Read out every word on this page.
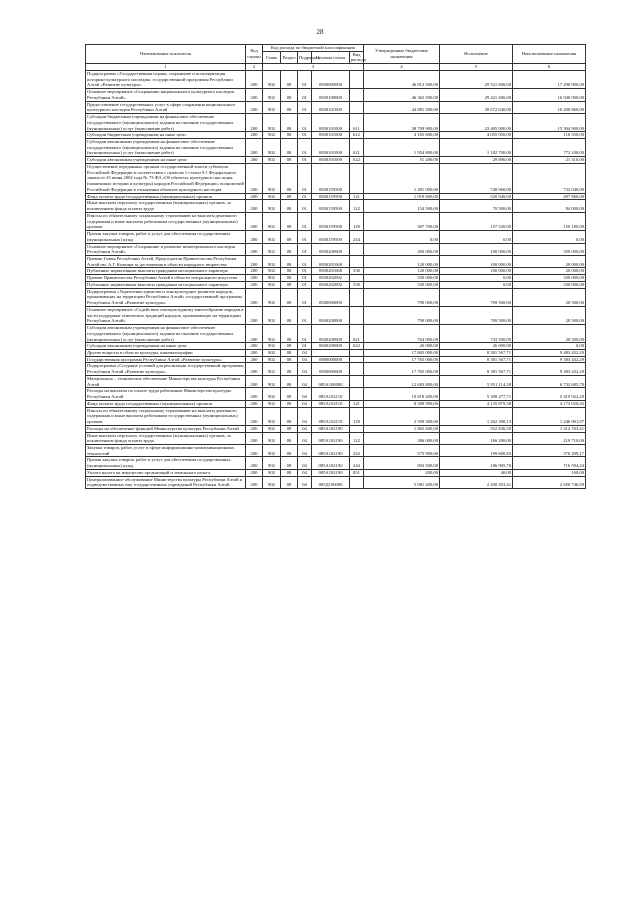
28
Наименование показателя	Код строки	Код расхода по бюджетной классификации					Утвержденные бюджетные назначения	Исполнение	Неисполненные назначения
		Глава	Раздел	Подраздел	Целевая статья	Вид расхода			
1	2	3					4	5	6
Подпрограмма «Государственная охрана, сохранение и популяризация историко-культурного наследия» государственной программы Республики Алтай «Развитие культуры»	200	902	08	01	0830000000		46 812 500,00	29 521 600,00	17 290 900,00
Основное мероприятие «Сохранение национального культурного наследия Республики Алтай»	200	902	08	01	0830100000		46 362 500,00	29 421 600,00	16 940 900,00
Предоставление государственных услуг в сфере сохранения национального культурного наследия Республики Алтай	200	902	08	01	0830101000		44 881 500,00	28 672 640,00	16 208 860,00
Субсидии бюджетным учреждениям на финансовое обеспечение государственного (муниципального) задания на оказание государственных (муниципальных) услуг (выполнение работ)	200	902	08	01	0830101000	611	38 709 900,00	23 405 000,00	15 304 900,00
Субсидии бюджетным учреждениям на иные цели	200	902	08	01	0830101000	612	4 165 600,00	4 055 050,00	110 550,00
Субсидии автономным учреждениям на финансовое обеспечение государственного (муниципального) задания на оказание государственных (муниципальных) услуг (выполнение работ)	200	902	08	01	0830101000	621	1 954 800,00	1 182 700,00	772 100,00
Субсидии автономным учреждениям на иные цели	200	902	08	01	0830101000	622	51 200,00	29 890,00	21 310,00
Осуществление переданных органам государственной власти субъектов Российской Федерации в соответствии с пунктом 1 статьи 9.1 Федерального закона от 25 июня 2002 года № 73-ФЗ «Об объектах культурного наследия (памятниках истории и культуры) народов Российской Федерации» полномочий Российской Федерации в отношении объектов культурного наследия	200	902	08	01	0830159500		1 481 000,00	748 960,00	732 040,00
Фонд оплаты труда государственных (муниципальных) органов	200	902	08	01	0830159500	121	1 018 800,00	520 940,00	497 860,00
Иные выплаты персоналу государственных (муниципальных) органов, за исключением фонда оплаты труда	200	902	08	01	0830159500	122	154 500,00	70 500,00	84 000,00
Взносы по обязательному социальному страхованию на выплаты денежного содержания и иные выплаты работникам государственных (муниципальных) органов	200	902	08	01	0830159500	129	307 700,00	157 520,00	150 180,00
Прочая закупка товаров, работ и услуг для обеспечения государственных (муниципальных) нужд	200	902	08	01	0830159500	244	0,00	0,00	0,00
Основное мероприятие «Сохранение и развитие нематериального наследия Республики Алтай»	200	902	08	01	0830200000		450 000,00	100 000,00	350 000,00
Премии Главы Республики Алтай, Председателя Правительства Республики Алтай им. А.Г. Калкина за достижения в области народного творчества	200	902	08	01	0830201068		120 000,00	100 000,00	20 000,00
Публичные нормативные выплаты гражданам несоциального характера	200	902	08	01	0830201068	330	120 000,00	100 000,00	20 000,00
Премии Правительства Республики Алтай в области театрального искусства	200	902	08	01	0830202092		330 000,00	0,00	330 000,00
Публичные нормативные выплаты гражданам несоциального характера	200	902	08	01	0830202092	330	330 000,00	0,00	330 000,00
Подпрограмма «Укрепление единства и этнокультурное развитие народов, проживающих на территории Республики Алтай» государственной программы Республики Алтай «Развитие культуры»	200	902	08	01	0840000000		790 000,00	769 500,00	20 500,00
Основное мероприятие «Содействие этнокультурному многообразию народов в части поддержки этнических традиций народов, проживающих на территории Республики Алтай»	200	902	08	01	0840200000		790 000,00	769 500,00	20 500,00
Субсидии автономным учреждениям на финансовое обеспечение государственного (муниципального) задания на оказание государственных (муниципальных) услуг (выполнение работ)	200	902	08	01	0840200000	621	764 000,00	743 500,00	20 500,00
Субсидии автономным учреждениям на иные цели	200	902	08	01	0840200000	622	26 000,00	26 000,00	0,00
Другие вопросы в области культуры, кинематографии	200	902	08	04			17 865 000,00	8 381 567,71	9 483 432,29
Государственная программа Республики Алтай «Развитие культуры»	200	902	08	04	0800000000		17 765 000,00	8 381 567,71	9 383 432,29
Подпрограмма «Создание условий для реализации государственной программы Республики Алтай «Развитие культуры»	200	902	08	04	0850000000		17 765 000,00	8 381 567,71	9 383 432,29
Материально – техническое обеспечение Министерства культуры Республики Алтай	200	902	08	04	085А100000		12 683 800,00	5 951 114,30	6 732 685,70
Расходы на выплаты по оплате труда работников Министерства культуры Республики Алтай	200	902	08	04	085А102110		10 818 200,00	5 398 277,71	5 419 922,29
Фонд оплаты труда государственных (муниципальных) органов	200	902	08	04	085А102110	121	8 308 900,00	4 135 879,58	4 173 020,42
Взносы по обязательному социальному страхованию на выплаты денежного содержания и иные выплаты работникам государственных (муниципальных) органов	200	902	08	04	085А102110	129	2 509 300,00	1 262 398,13	1 246 901,87
Расходы на обеспечение функций Министерства культуры Республики Алтай	200	902	08	04	085А102190		1 865 600,00	552 836,59	1 312 763,41
Иные выплаты персоналу государственных (муниципальных) органов, за исключением фонда оплаты труда	200	902	08	04	085А102190	122	386 000,00	166 290,00	219 710,00
Закупка товаров, работ, услуг в сфере информационно-коммуникационных технологий	200	902	08	04	085А102190	242	575 900,00	199 600,83	376 299,17
Прочая закупка товаров, работ и услуг для обеспечения государственных (муниципальных) нужд	200	902	08	04	085А102190	244	903 500,00	186 905,76	716 594,24
Уплата налога на имущество организаций и земельного налога	200	902	08	04	085А102190	851	200,00	40,00	160,00
Централизованное обслуживание Министерства культуры Республики Алтай и подведомственных ему государственных учреждений Республики Алтай	200	902	08	04	085Д100000		5 081 200,00	2 430 453,41	2 650 746,59
